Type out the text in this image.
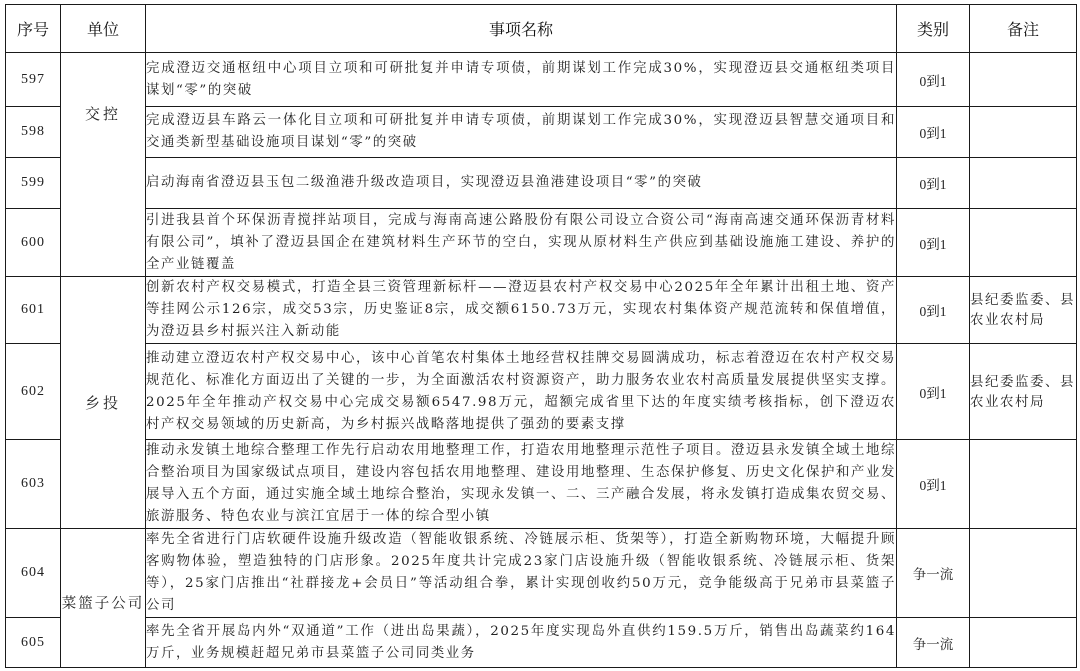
序号	单位	事项名称	类别	备注
597	交控	完成澄迈交通枢纽中心项目立项和可研批复并申请专项债，前期谋划工作完成30%，实现澄迈县交通枢纽类项目谋划“零”的突破	0到1	
598		完成澄迈县车路云一体化目立项和可研批复并申请专项债，前期谋划工作完成30%，实现澄迈县智慧交通项目和交通类新型基础设施项目谋划“零”的突破	0到1	
599		启动海南省澄迈县玉包二级渔港升级改造项目，实现澄迈县渔港建设项目“零”的突破	0到1	
600		引进我县首个环保沥青搅拌站项目，完成与海南高速公路股份有限公司设立合资公司“海南高速交通环保沥青材料有限公司”，填补了澄迈县国企在建筑材料生产环节的空白，实现从原材料生产供应到基础设施施工建设、养护的全产业链覆盖	0到1	
601	乡投	创新农村产权交易模式，打造全县三资管理新标杆——澄迈县农村产权交易中心2025年全年累计出租土地、资产等挂网公示126宗，成交53宗，历史鉴证8宗，成交额6150.73万元，实现农村集体资产规范流转和保值增值，为澄迈县乡村振兴注入新动能	0到1	县纪委监委、县农业农村局
602		推动建立澄迈农村产权交易中心，该中心首笔农村集体土地经营权挂牌交易圆满成功，标志着澄迈在农村产权交易规范化、标准化方面迈出了关键的一步，为全面激活农村资源资产，助力服务农业农村高质量发展提供坚实支撑。2025年全年推动产权交易中心完成交易额6547.98万元，超额完成省里下达的年度实绩考核指标，创下澄迈农村产权交易领域的历史新高，为乡村振兴战略落地提供了强劲的要素支撑	0到1	县纪委监委、县农业农村局
603		推动永发镇土地综合整理工作先行启动农用地整理工作，打造农用地整理示范性子项目。澄迈县永发镇全域土地综合整治项目为国家级试点项目，建设内容包括农用地整理、建设用地整理、生态保护修复、历史文化保护和产业发展导入五个方面，通过实施全域土地综合整治，实现永发镇一、二、三产融合发展，将永发镇打造成集农贸交易、旅游服务、特色农业与滨江宜居于一体的综合型小镇	0到1	
604	菜篮子公司	率先全省进行门店软硬件设施升级改造（智能收银系统、冷链展示柜、货架等），打造全新购物环境，大幅提升顾客购物体验，塑造独特的门店形象。2025年度共计完成23家门店设施升级（智能收银系统、冷链展示柜、货架等），25家门店推出“社群接龙+会员日”等活动组合拳，累计实现创收约50万元，竞争能级高于兄弟市县菜篮子公司	争一流	
605		率先全省开展岛内外“双通道”工作（进出岛果蔬），2025年度实现岛外直供约159.5万斤，销售出岛蔬菜约164万斤，业务规模赶超兄弟市县菜篮子公司同类业务	争一流	
